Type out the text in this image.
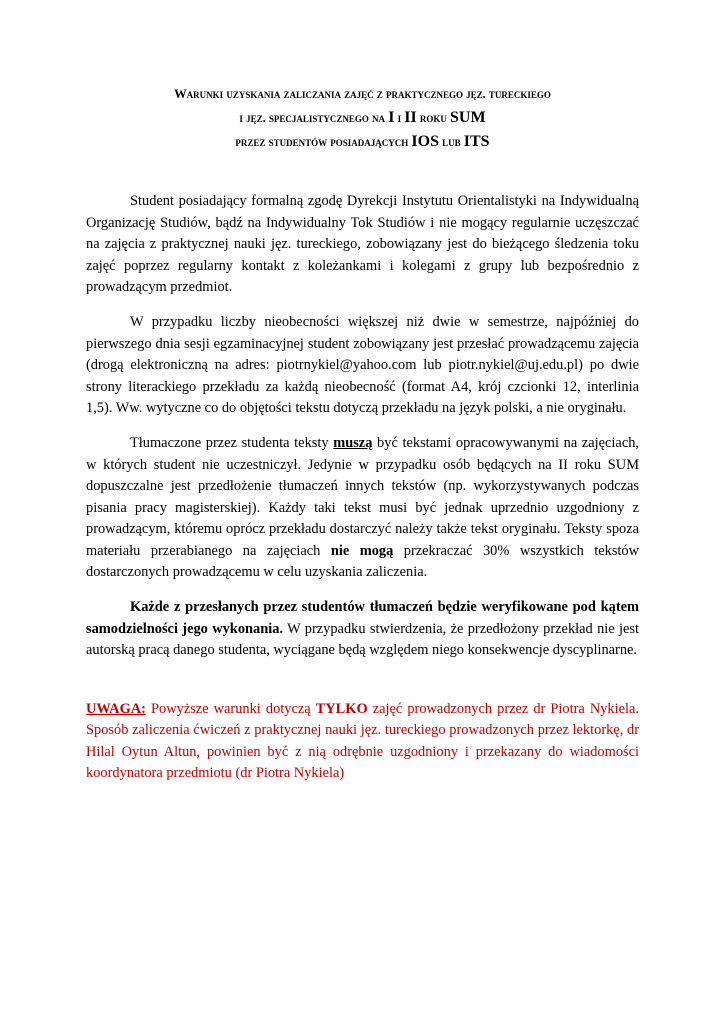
Warunki uzyskania zaliczania zajęć z praktycznego jęz. tureckiego
i jęz. specjalistycznego na I i II roku SUM
przez studentów posiadających IOS lub ITS

Student posiadający formalną zgodę Dyrekcji Instytutu Orientalistyki na Indywidualną Organizację Studiów, bądź na Indywidualny Tok Studiów i nie mogący regularnie uczęszczać na zajęcia z praktycznej nauki jęz. tureckiego, zobowiązany jest do bieżącego śledzenia toku zajęć poprzez regularny kontakt z koleżankami i kolegami z grupy lub bezpośrednio z prowadzącym przedmiot.

W przypadku liczby nieobecności większej niż dwie w semestrze, najpóźniej do pierwszego dnia sesji egzaminacyjnej student zobowiązany jest przesłać prowadzącemu zajęcia (drogą elektroniczną na adres: piotrnykiel@yahoo.com lub piotr.nykiel@uj.edu.pl) po dwie strony literackiego przekładu za każdą nieobecność (format A4, krój czcionki 12, interlinia 1,5). Ww. wytyczne co do objętości tekstu dotyczą przekładu na język polski, a nie oryginału.

Tłumaczone przez studenta teksty muszą być tekstami opracowywanymi na zajęciach, w których student nie uczestniczył. Jedynie w przypadku osób będących na II roku SUM dopuszczalne jest przedłożenie tłumaczeń innych tekstów (np. wykorzystywanych podczas pisania pracy magisterskiej). Każdy taki tekst musi być jednak uprzednio uzgodniony z prowadzącym, któremu oprócz przekładu dostarczyć należy także tekst oryginału. Teksty spoza materiału przerabianego na zajęciach nie mogą przekraczać 30% wszystkich tekstów dostarczonych prowadzącemu w celu uzyskania zaliczenia.

Każde z przesłanych przez studentów tłumaczeń będzie weryfikowane pod kątem samodzielności jego wykonania. W przypadku stwierdzenia, że przedłożony przekład nie jest autorską pracą danego studenta, wyciągane będą względem niego konsekwencje dyscyplinarne.

UWAGA: Powyższe warunki dotyczą TYLKO zajęć prowadzonych przez dr Piotra Nykiela. Sposób zaliczenia ćwiczeń z praktycznej nauki jęz. tureckiego prowadzonych przez lektorkę, dr Hilal Oytun Altun, powinien być z nią odrębnie uzgodniony i przekazany do wiadomości koordynatora przedmiotu (dr Piotra Nykiela)
